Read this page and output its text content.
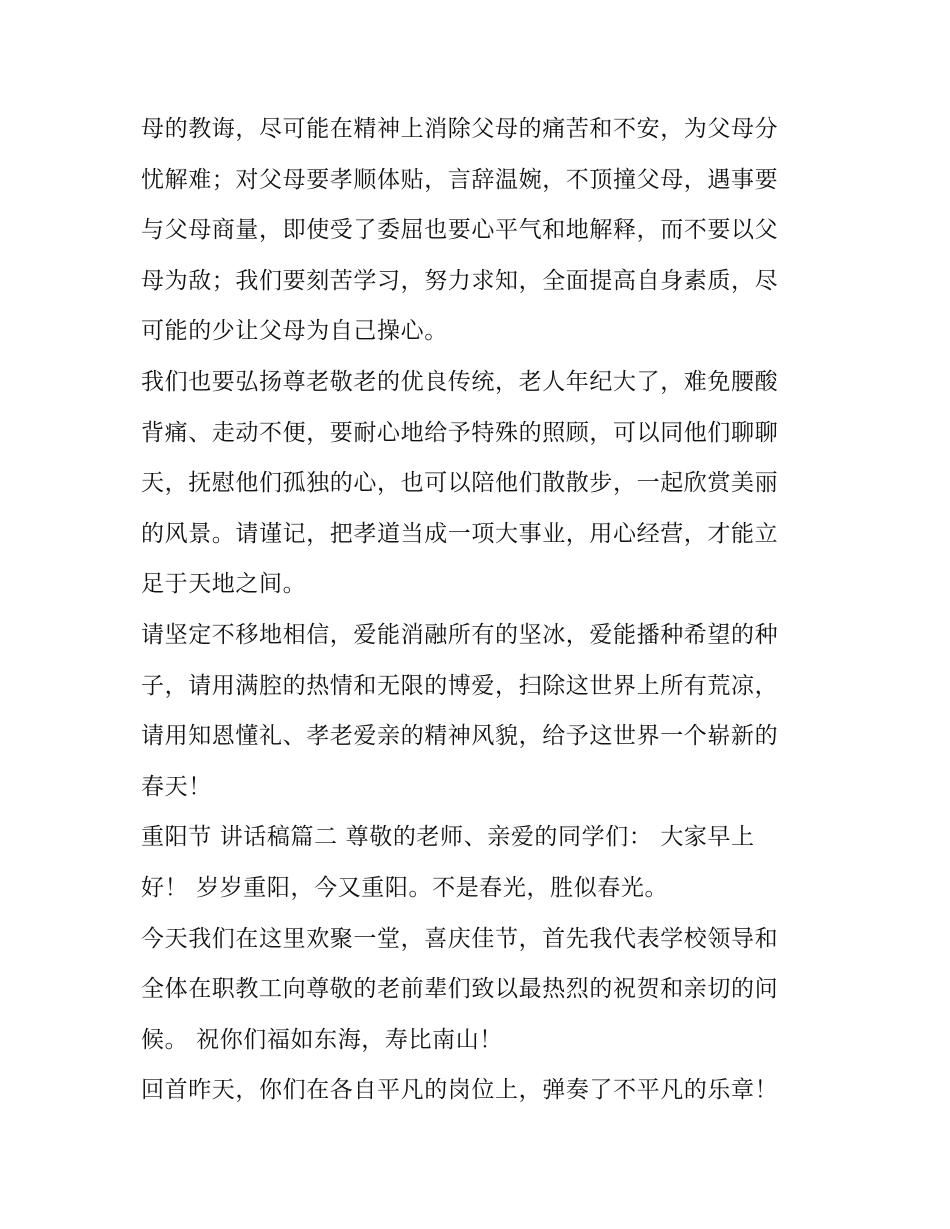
母的教诲，尽可能在精神上消除父母的痛苦和不安，为父母分
忧解难；对父母要孝顺体贴，言辞温婉，不顶撞父母，遇事要
与父母商量，即使受了委屈也要心平气和地解释，而不要以父
母为敌；我们要刻苦学习，努力求知，全面提高自身素质，尽
可能的少让父母为自己操心。
我们也要弘扬尊老敬老的优良传统，老人年纪大了，难免腰酸
背痛、走动不便，要耐心地给予特殊的照顾，可以同他们聊聊
天，抚慰他们孤独的心，也可以陪他们散散步，一起欣赏美丽
的风景。请谨记，把孝道当成一项大事业，用心经营，才能立
足于天地之间。
请坚定不移地相信，爱能消融所有的坚冰，爱能播种希望的种
子，请用满腔的热情和无限的博爱，扫除这世界上所有荒凉，
请用知恩懂礼、孝老爱亲的精神风貌，给予这世界一个崭新的
春天！
重阳节 讲话稿篇二 尊敬的老师、亲爱的同学们： 大家早上
好！ 岁岁重阳，今又重阳。不是春光，胜似春光。
今天我们在这里欢聚一堂，喜庆佳节，首先我代表学校领导和
全体在职教工向尊敬的老前辈们致以最热烈的祝贺和亲切的问
候。 祝你们福如东海，寿比南山！
回首昨天，你们在各自平凡的岗位上，弹奏了不平凡的乐章！
